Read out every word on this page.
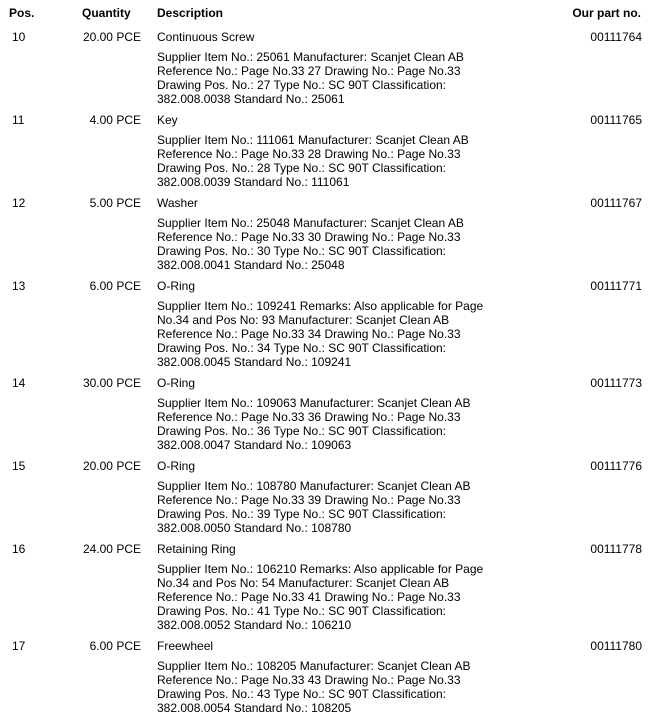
Pos.	Quantity Description	Our part no.
10	20.00 PCE Continuous Screw
Supplier Item No.: 25061 Manufacturer: Scanjet Clean AB
Reference No.: Page No.33 27 Drawing No.: Page No.33
Drawing Pos. No.: 27 Type No.: SC 90T Classification:
382.008.0038 Standard No.: 25061
00111764
11	4.00 PCE Key
Supplier Item No.: 111061 Manufacturer: Scanjet Clean AB
Reference No.: Page No.33 28 Drawing No.: Page No.33
Drawing Pos. No.: 28 Type No.: SC 90T Classification:
382.008.0039 Standard No.: 111061
00111765
12	5.00 PCE Washer
Supplier Item No.: 25048 Manufacturer: Scanjet Clean AB
Reference No.: Page No.33 30 Drawing No.: Page No.33
Drawing Pos. No.: 30 Type No.: SC 90T Classification:
382.008.0041 Standard No.: 25048
00111767
13	6.00 PCE O-Ring
Supplier Item No.: 109241 Remarks: Also applicable for Page
No.34 and Pos No: 93 Manufacturer: Scanjet Clean AB
Reference No.: Page No.33 34 Drawing No.: Page No.33
Drawing Pos. No.: 34 Type No.: SC 90T Classification:
382.008.0045 Standard No.: 109241
00111771
14	30.00 PCE O-Ring
Supplier Item No.: 109063 Manufacturer: Scanjet Clean AB
Reference No.: Page No.33 36 Drawing No.: Page No.33
Drawing Pos. No.: 36 Type No.: SC 90T Classification:
382.008.0047 Standard No.: 109063
00111773
15	20.00 PCE O-Ring
Supplier Item No.: 108780 Manufacturer: Scanjet Clean AB
Reference No.: Page No.33 39 Drawing No.: Page No.33
Drawing Pos. No.: 39 Type No.: SC 90T Classification:
382.008.0050 Standard No.: 108780
00111776
16	24.00 PCE Retaining Ring
Supplier Item No.: 106210 Remarks: Also applicable for Page
No.34 and Pos No: 54 Manufacturer: Scanjet Clean AB
Reference No.: Page No.33 41 Drawing No.: Page No.33
Drawing Pos. No.: 41 Type No.: SC 90T Classification:
382.008.0052 Standard No.: 106210
00111778
17	6.00 PCE Freewheel
Supplier Item No.: 108205 Manufacturer: Scanjet Clean AB
Reference No.: Page No.33 43 Drawing No.: Page No.33
Drawing Pos. No.: 43 Type No.: SC 90T Classification:
382.008.0054 Standard No.: 108205
00111780
